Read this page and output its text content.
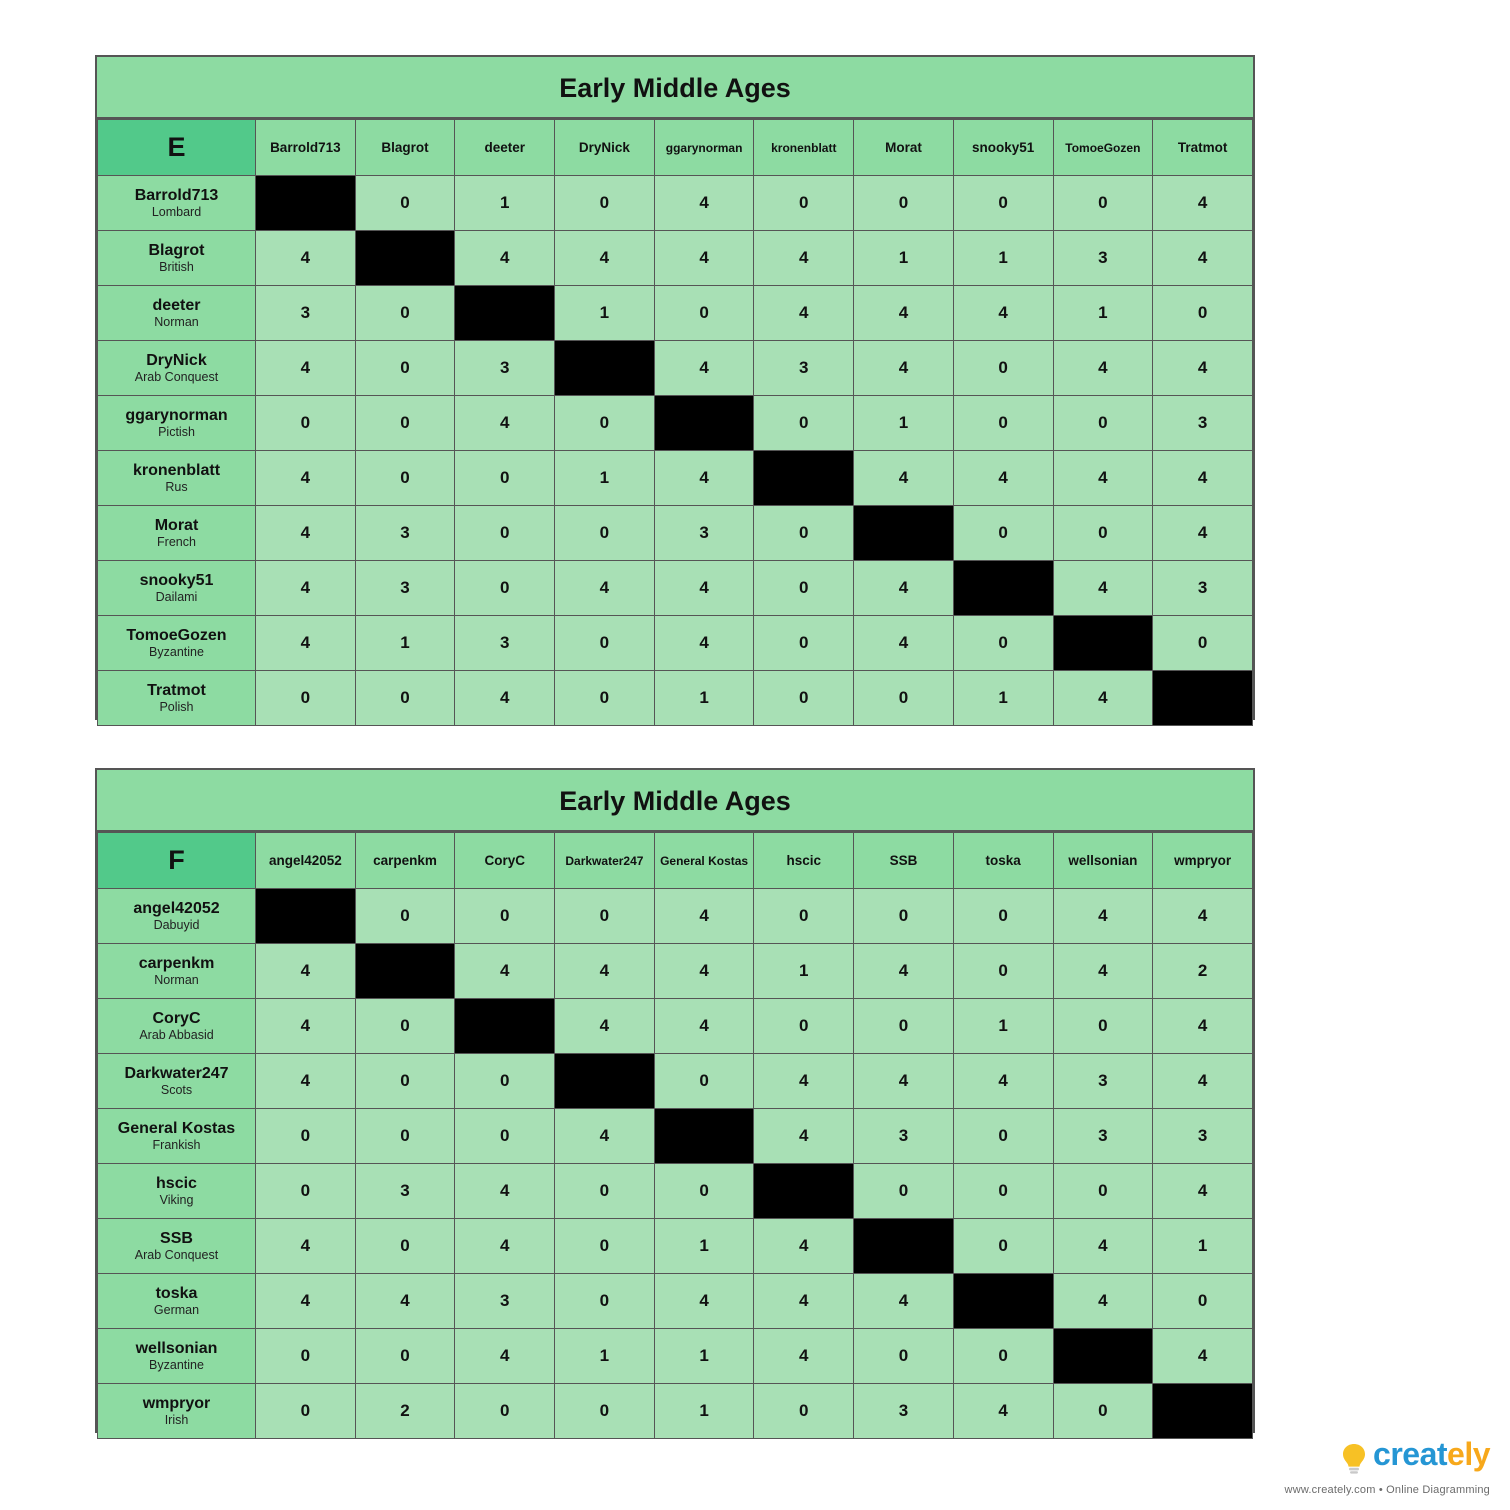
Early Middle Ages
E	Barrold713	Blagrot	deeter	DryNick	ggarynorman	kronenblatt	Morat	snooky51	TomoeGozen	Tratmot

Barrold713
Lombard		0	1	0	4	0	0	0	0	4

Blagrot
British	4		4	4	4	4	1	1	3	4

deeter
Norman	3	0		1	0	4	4	4	1	0

DryNick
Arab Conquest	4	0	3		4	3	4	0	4	4

ggarynorman
Pictish	0	0	4	0		0	1	0	0	3

kronenblatt
Rus	4	0	0	1	4		4	4	4	4

Morat
French	4	3	0	0	3	0		0	0	4

snooky51
Dailami	4	3	0	4	4	0	4		4	3

TomoeGozen
Byzantine	4	1	3	0	4	0	4	0		0

Tratmot
Polish	0	0	4	0	1	0	0	1	4	
Early Middle Ages
F	angel42052	carpenkm	CoryC	Darkwater247	General Kostas	hscic	SSB	toska	wellsonian	wmpryor

angel42052
Dabuyid		0	0	0	4	0	0	0	4	4

carpenkm
Norman	4		4	4	4	1	4	0	4	2

CoryC
Arab Abbasid	4	0		4	4	0	0	1	0	4

Darkwater247
Scots	4	0	0		0	4	4	4	3	4

General Kostas
Frankish	0	0	0	4		4	3	0	3	3

hscic
Viking	0	3	4	0	0		0	0	0	4

SSB
Arab Conquest	4	0	4	0	1	4		0	4	1

toska
German	4	4	3	0	4	4	4		4	0

wellsonian
Byzantine	0	0	4	1	1	4	0	0		4

wmpryor
Irish	0	2	0	0	1	0	3	4	0	
creately
www.creately.com • Online Diagramming
